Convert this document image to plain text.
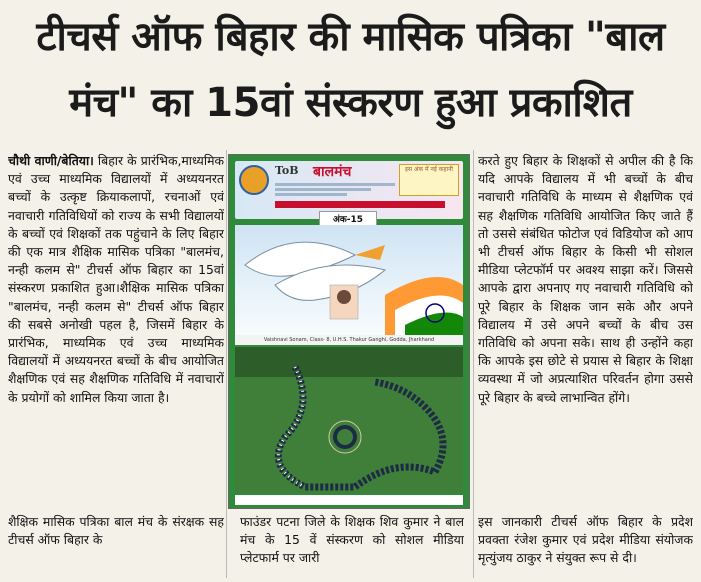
टीचर्स ऑफ बिहार की मासिक पत्रिका "बाल
मंच" का 15वां संस्करण हुआ प्रकाशित

चौथी वाणी/बेतिया। बिहार के प्रारंभिक,माध्यमिक एवं उच्च माध्यमिक विद्यालयों में अध्ययनरत बच्चों के उत्कृष्ट क्रियाकलापों, रचनाओं एवं नवाचारी गतिविधियों को राज्य के सभी विद्यालयों के बच्चों एवं शिक्षकों तक पहुंचाने के लिए बिहार की एक मात्र शैक्षिक मासिक पत्रिका "बालमंच, नन्ही कलम से" टीचर्स ऑफ बिहार का 15वां संस्करण प्रकाशित हुआ।शैक्षिक मासिक पत्रिका "बालमंच, नन्ही कलम से" टीचर्स ऑफ बिहार की सबसे अनोखी पहल है, जिसमें बिहार के प्रारंभिक, माध्यमिक एवं उच्च माध्यमिक विद्यालयों में अध्ययनरत बच्चों के बीच आयोजित शैक्षणिक एवं सह शैक्षणिक गतिविधि में नवाचारों के प्रयोगों को शामिल किया जाता है।

ToB बालमंच	इस अंक में नई कहानी
अंक-15
Vaishnavi Sonam, Class- 8, U.H.S. Thakur Ganghi, Godda, Jharkhand

करते हुए बिहार के शिक्षकों से अपील की है कि यदि आपके विद्यालय में भी बच्चों के बीच नवाचारी गतिविधि के माध्यम से शैक्षणिक एवं सह शैक्षणिक गतिविधि आयोजित किए जाते हैं तो उससे संबंधित फोटोज एवं विडियोज को आप भी टीचर्स ऑफ बिहार के किसी भी सोशल मीडिया प्लेटफॉर्म पर अवश्य साझा करें। जिससे आपके द्वारा अपनाए गए नवाचारी गतिविधि को पूरे बिहार के शिक्षक जान सके और अपने विद्यालय में उसे अपने बच्चों के बीच उस गतिविधि को अपना सके। साथ ही उन्होंने कहा कि आपके इस छोटे से प्रयास से बिहार के शिक्षा व्यवस्था में जो अप्रत्याशित परिवर्तन होगा उससे पूरे बिहार के बच्चे लाभान्वित होंगे।

शैक्षिक मासिक पत्रिका बाल मंच के संरक्षक सह टीचर्स ऑफ बिहार के
फाउंडर पटना जिले के शिक्षक शिव कुमार ने बाल मंच के 15 वें संस्करण को सोशल मीडिया प्लेटफार्म पर जारी
इस जानकारी टीचर्स ऑफ बिहार के प्रदेश प्रवक्ता रंजेश कुमार एवं प्रदेश मीडिया संयोजक मृत्युंजय ठाकुर ने संयुक्त रूप से दी।
